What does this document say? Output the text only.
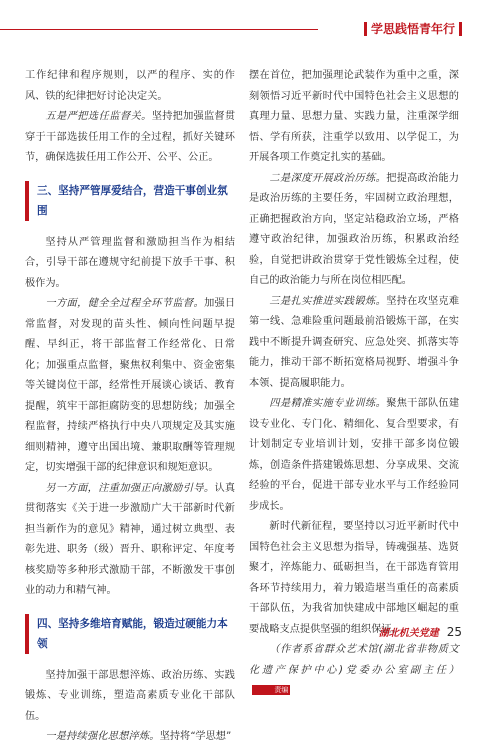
学思践悟青年行

工作纪律和程序规则，以严的程序、实的作风、铁的纪律把好讨论决定关。

五是严把选任监督关。坚持把加强监督贯穿于干部选拔任用工作的全过程，抓好关键环节，确保选拔任用工作公开、公平、公正。

三、坚持严管厚爱结合，营造干事创业氛围

坚持从严管理监督和激励担当作为相结合，引导干部在遵规守纪前提下放手干事、积极作为。

一方面，健全全过程全环节监督。加强日常监督，对发现的苗头性、倾向性问题早提醒、早纠正，将干部监督工作经常化、日常化；加强重点监督，聚焦权利集中、资金密集等关键岗位干部，经常性开展谈心谈话、教育提醒，筑牢干部拒腐防变的思想防线；加强全程监督，持续严格执行中央八项规定及其实施细则精神，遵守出国出境、兼职取酬等管理规定，切实增强干部的纪律意识和规矩意识。

另一方面，注重加强正向激励引导。认真贯彻落实《关于进一步激励广大干部新时代新担当新作为的意见》精神，通过树立典型、表彰先进、职务（级）晋升、职称评定、年度考核奖励等多种形式激励干部，不断激发干事创业的动力和精气神。

四、坚持多维培育赋能，锻造过硬能力本领

坚持加强干部思想淬炼、政治历练、实践锻炼、专业训练，塑造高素质专业化干部队伍。

一是持续强化思想淬炼。坚持将“学思想”

摆在首位，把加强理论武装作为重中之重，深刻领悟习近平新时代中国特色社会主义思想的真理力量、思想力量、实践力量，注重深学细悟、学有所获，注重学以致用、以学促工，为开展各项工作奠定扎实的基础。

二是深度开展政治历练。把提高政治能力是政治历练的主要任务，牢固树立政治理想，正确把握政治方向，坚定站稳政治立场，严格遵守政治纪律，加强政治历练，积累政治经验，自觉把讲政治贯穿于党性锻炼全过程，使自己的政治能力与所在岗位相匹配。

三是扎实推进实践锻炼。坚持在攻坚克难第一线、急难险重问题最前沿锻炼干部，在实践中不断提升调查研究、应急处突、抓落实等能力，推动干部不断拓宽格局视野、增强斗争本领、提高履职能力。

四是精准实施专业训练。聚焦干部队伍建设专业化、专门化、精细化、复合型要求，有计划制定专业培训计划，安排干部多岗位锻炼，创造条件搭建锻炼思想、分享成果、交流经验的平台，促进干部专业水平与工作经验同步成长。

新时代新征程，要坚持以习近平新时代中国特色社会主义思想为指导，铸魂强基、选贤聚才，淬炼能力、砥砺担当，在干部选育管用各环节持续用力，着力锻造堪当重任的高素质干部队伍，为我省加快建成中部地区崛起的重要战略支点提供坚强的组织保证。

（作者系省群众艺术馆(湖北省非物质文化遗产保护中心)党委办公室副主任）责编

湖北机关党建 25
